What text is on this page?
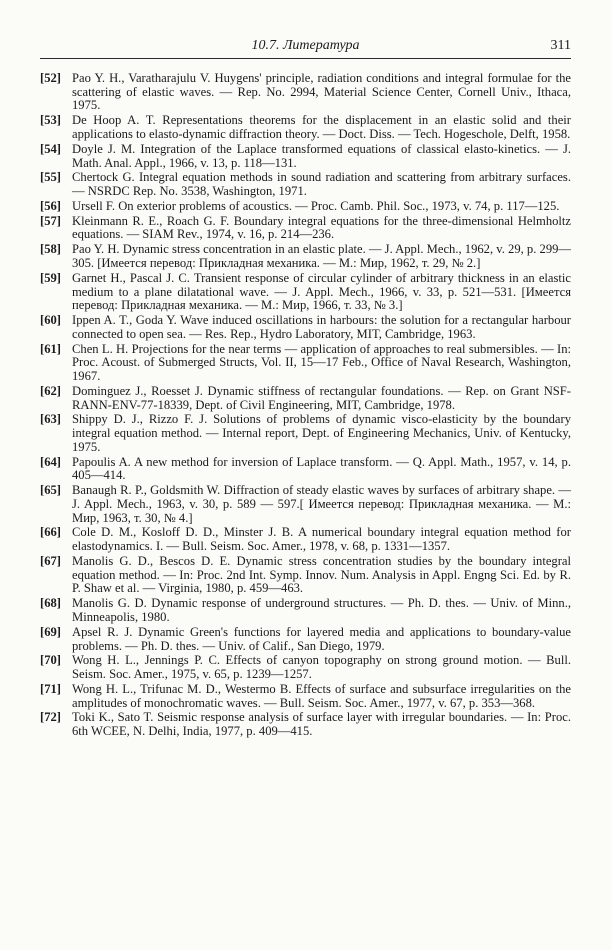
10.7. Литература	311
[52] Pao Y. H., Varatharajulu V. Huygens' principle, radiation conditions and integral formulae for the scattering of elastic waves. — Rep. No. 2994, Material Science Center, Cornell Univ., Ithaca, 1975.
[53] De Hoop A. T. Representations theorems for the displacement in an elastic solid and their applications to elasto-dynamic diffraction theory. — Doct. Diss. — Tech. Hogeschole, Delft, 1958.
[54] Doyle J. M. Integration of the Laplace transformed equations of classical elasto-kinetics. — J. Math. Anal. Appl., 1966, v. 13, p. 118—131.
[55] Chertock G. Integral equation methods in sound radiation and scattering from arbitrary surfaces. — NSRDC Rep. No. 3538, Washington, 1971.
[56] Ursell F. On exterior problems of acoustics. — Proc. Camb. Phil. Soc., 1973, v. 74, p. 117—125.
[57] Kleinmann R. E., Roach G. F. Boundary integral equations for the three-dimensional Helmholtz equations. — SIAM Rev., 1974, v. 16, p. 214—236.
[58] Pao Y. H. Dynamic stress concentration in an elastic plate. — J. Appl. Mech., 1962, v. 29, p. 299—305. [Имеется перевод: Прикладная механика. — М.: Мир, 1962, т. 29, № 2.]
[59] Garnet H., Pascal J. C. Transient response of circular cylinder of arbitrary thickness in an elastic medium to a plane dilatational wave. — J. Appl. Mech., 1966, v. 33, p. 521—531. [Имеется перевод: Прикладная механика. — М.: Мир, 1966, т. 33, № 3.]
[60] Ippen A. T., Goda Y. Wave induced oscillations in harbours: the solution for a rectangular harbour connected to open sea. — Res. Rep., Hydro Laboratory, MIT, Cambridge, 1963.
[61] Chen L. H. Projections for the near terms — application of approaches to real submersibles. — In: Proc. Acoust. of Submerged Structs, Vol. II, 15—17 Feb., Office of Naval Research, Washington, 1967.
[62] Dominguez J., Roesset J. Dynamic stiffness of rectangular foundations. — Rep. on Grant NSF-RANN-ENV-77-18339, Dept. of Civil Engineering, MIT, Cambridge, 1978.
[63] Shippy D. J., Rizzo F. J. Solutions of problems of dynamic visco-elasticity by the boundary integral equation method. — Internal report, Dept. of Engineering Mechanics, Univ. of Kentucky, 1975.
[64] Papoulis A. A new method for inversion of Laplace transform. — Q. Appl. Math., 1957, v. 14, p. 405—414.
[65] Banaugh R. P., Goldsmith W. Diffraction of steady elastic waves by surfaces of arbitrary shape. — J. Appl. Mech., 1963, v. 30, p. 589 — 597.[ Имеется перевод: Прикладная механика. — М.: Мир, 1963, т. 30, № 4.]
[66] Cole D. M., Kosloff D. D., Minster J. B. A numerical boundary integral equation method for elastodynamics. I. — Bull. Seism. Soc. Amer., 1978, v. 68, p. 1331—1357.
[67] Manolis G. D., Bescos D. E. Dynamic stress concentration studies by the boundary integral equation method. — In: Proc. 2nd Int. Symp. Innov. Num. Analysis in Appl. Engng Sci. Ed. by R. P. Shaw et al. — Virginia, 1980, p. 459—463.
[68] Manolis G. D. Dynamic response of underground structures. — Ph. D. thes. — Univ. of Minn., Minneapolis, 1980.
[69] Apsel R. J. Dynamic Green's functions for layered media and applications to boundary-value problems. — Ph. D. thes. — Univ. of Calif., San Diego, 1979.
[70] Wong H. L., Jennings P. C. Effects of canyon topography on strong ground motion. — Bull. Seism. Soc. Amer., 1975, v. 65, p. 1239—1257.
[71] Wong H. L., Trifunac M. D., Westermo B. Effects of surface and subsurface irregularities on the amplitudes of monochromatic waves. — Bull. Seism. Soc. Amer., 1977, v. 67, p. 353—368.
[72] Toki K., Sato T. Seismic response analysis of surface layer with irregular boundaries. — In: Proc. 6th WCEE, N. Delhi, India, 1977, p. 409—415.
